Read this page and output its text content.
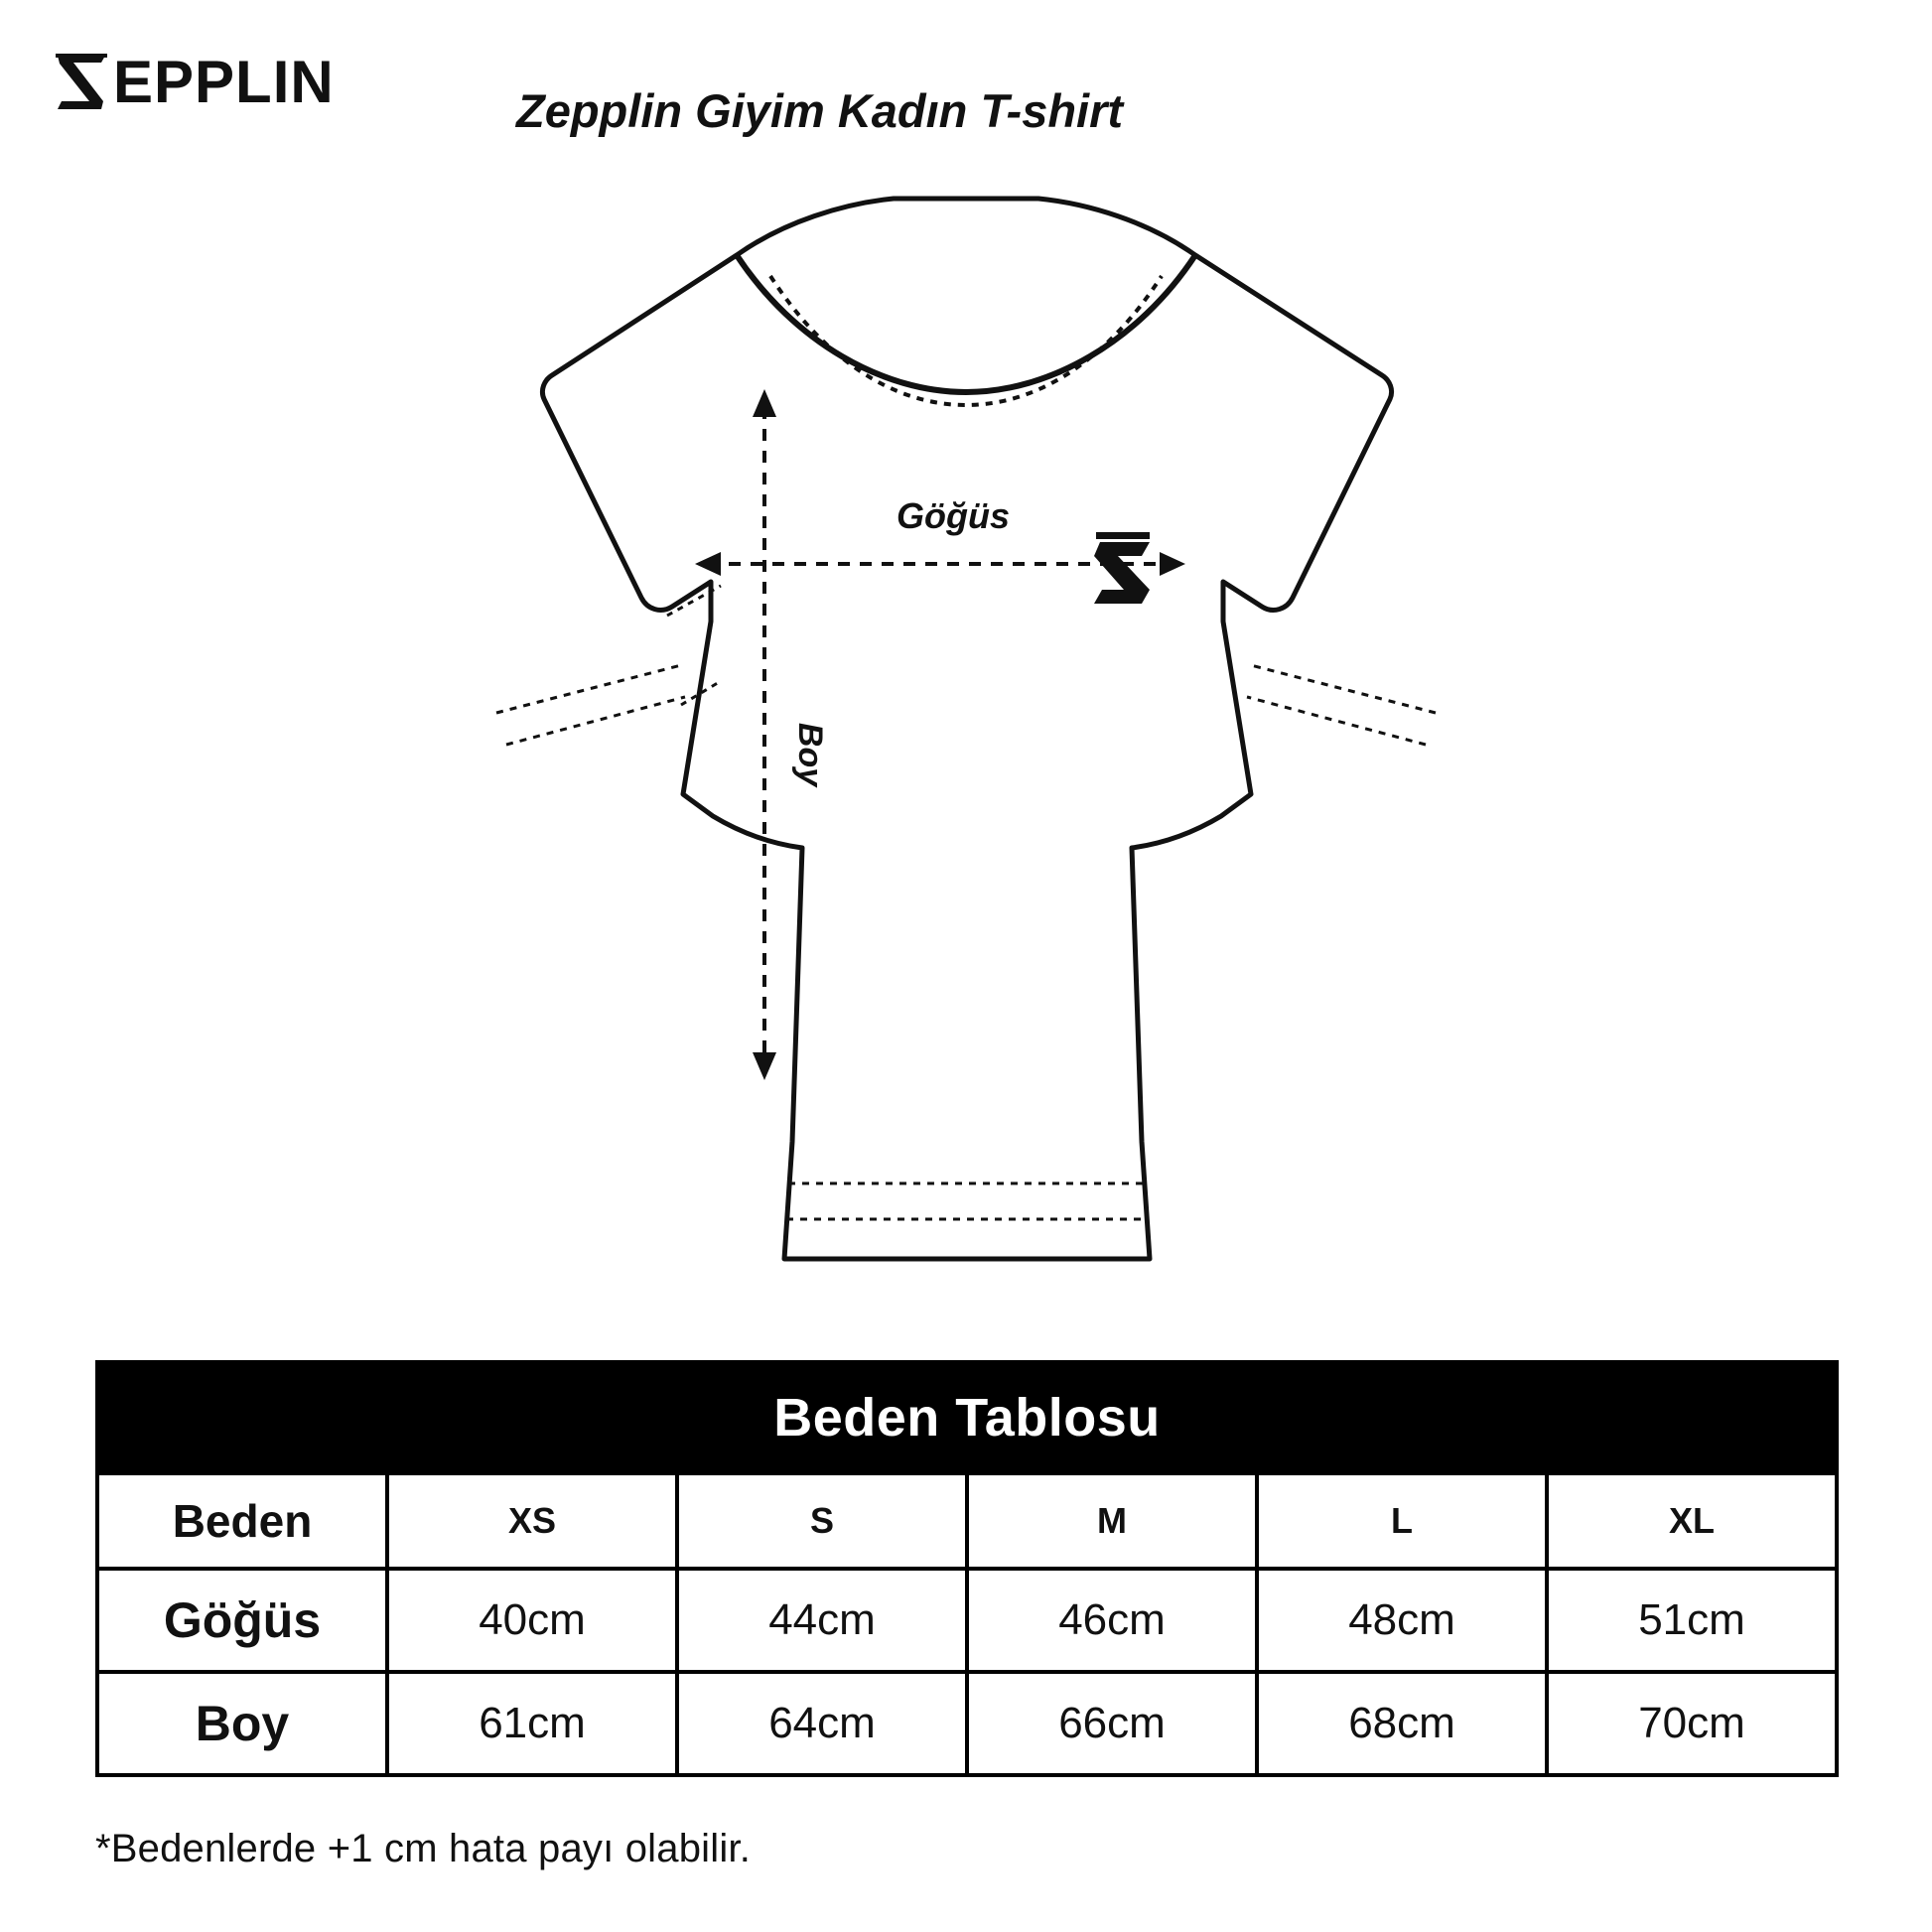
EPPLIN	Zepplin Giyim Kadın T-shirt
Göğüs
Boy
Beden Tablosu					
Beden	XS	S	M	L	XL
Göğüs	40cm	44cm	46cm	48cm	51cm
Boy	61cm	64cm	66cm	68cm	70cm
*Bedenlerde +1 cm hata payı olabilir.
